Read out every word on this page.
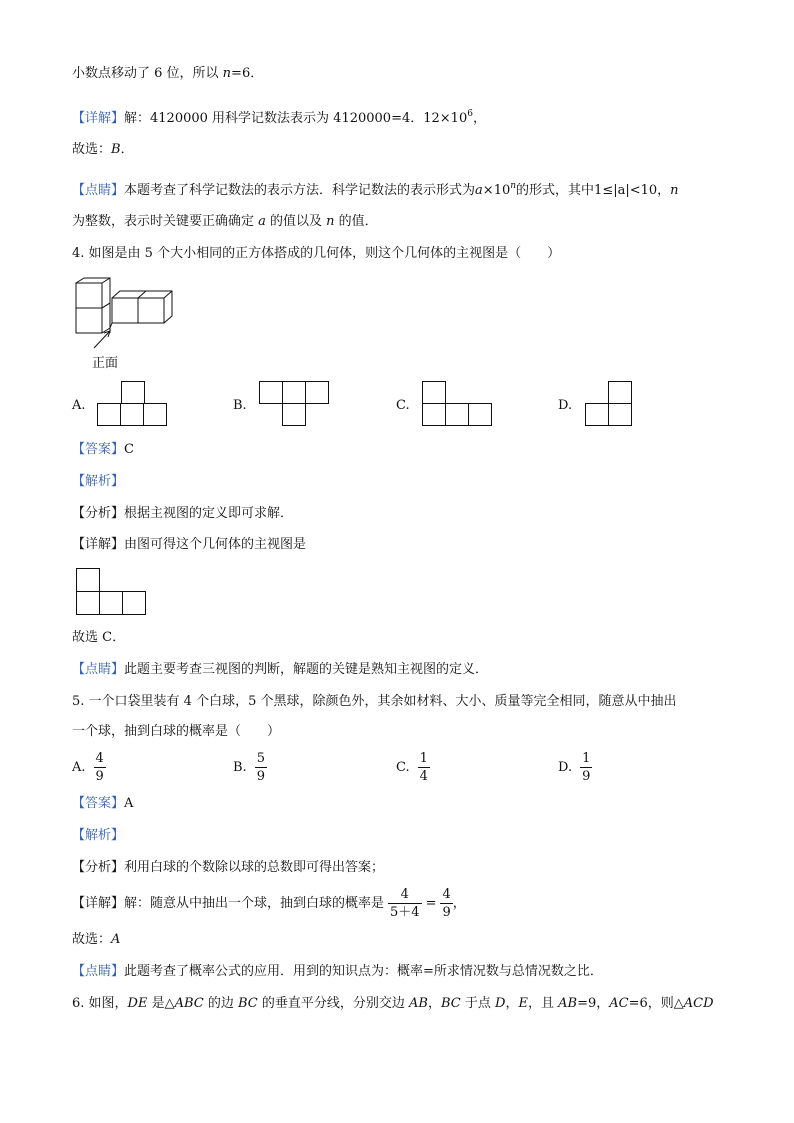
小数点移动了 6 位，所以 n=6．
【详解】解：4120000 用科学记数法表示为 4120000=4．$12\times 10^6$，
故选：B．
【点睛】本题考查了科学记数法的表示方法．科学记数法的表示形式为$a\times 10^n$的形式，其中1≤|a|<10，n
为整数，表示时关键要正确确定 a 的值以及 n 的值．
4. 如图是由 5 个大小相同的正方体搭成的几何体，则这个几何体的主视图是（　　）
正面
A.	B.	C.	D.
【答案】C
【解析】
【分析】根据主视图的定义即可求解．
【详解】由图可得这个几何体的主视图是
故选 C．
【点睛】此题主要考查三视图的判断，解题的关键是熟知主视图的定义．
5. 一个口袋里装有 4 个白球，5 个黑球，除颜色外，其余如材料、大小、质量等完全相同，随意从中抽出
一个球，抽到白球的概率是（　　）
A. $\frac{4}{9}$	B. $\frac{5}{9}$	C. $\frac{1}{4}$	D. $\frac{1}{9}$
【答案】A
【解析】
【分析】利用白球的个数除以球的总数即可得出答案；
【详解】解：随意从中抽出一个球，抽到白球的概率是 $\frac{4}{5+4} = \frac{4}{9}$ ，
故选：A
【点睛】此题考查了概率公式的应用．用到的知识点为：概率=所求情况数与总情况数之比．
6. 如图，DE 是△ABC 的边 BC 的垂直平分线，分别交边 AB，BC 于点 D，E，且 AB=9，AC=6，则△ACD
